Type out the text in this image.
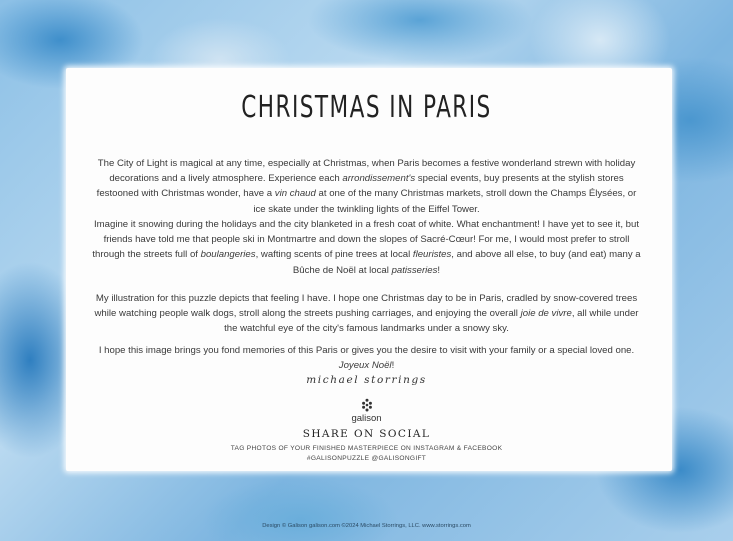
CHRISTMAS IN PARIS

The City of Light is magical at any time, especially at Christmas, when Paris becomes a festive wonderland strewn with holiday decorations and a lively atmosphere. Experience each arrondissement's special events, buy presents at the stylish stores festooned with Christmas wonder, have a vin chaud at one of the many Christmas markets, stroll down the Champs Élysées, or ice skate under the twinkling lights of the Eiffel Tower.

Imagine it snowing during the holidays and the city blanketed in a fresh coat of white. What enchantment! I have yet to see it, but friends have told me that people ski in Montmartre and down the slopes of Sacré-Cœur! For me, I would most prefer to stroll through the streets full of boulangeries, wafting scents of pine trees at local fleuristes, and above all else, to buy (and eat) many a Bûche de Noël at local patisseries!

My illustration for this puzzle depicts that feeling I have. I hope one Christmas day to be in Paris, cradled by snow-covered trees while watching people walk dogs, stroll along the streets pushing carriages, and enjoying the overall joie de vivre, all while under the watchful eye of the city's famous landmarks under a snowy sky.

I hope this image brings you fond memories of this Paris or gives you the desire to visit with your family or a special loved one. Joyeux Noël!

michael storrings
galison
SHARE ON SOCIAL
TAG PHOTOS OF YOUR FINISHED MASTERPIECE ON INSTAGRAM & FACEBOOK
#GALISONPUZZLE @GALISONGIFT
Design © Galison galison.com ©2024 Michael Storrings, LLC. www.storrings.com
